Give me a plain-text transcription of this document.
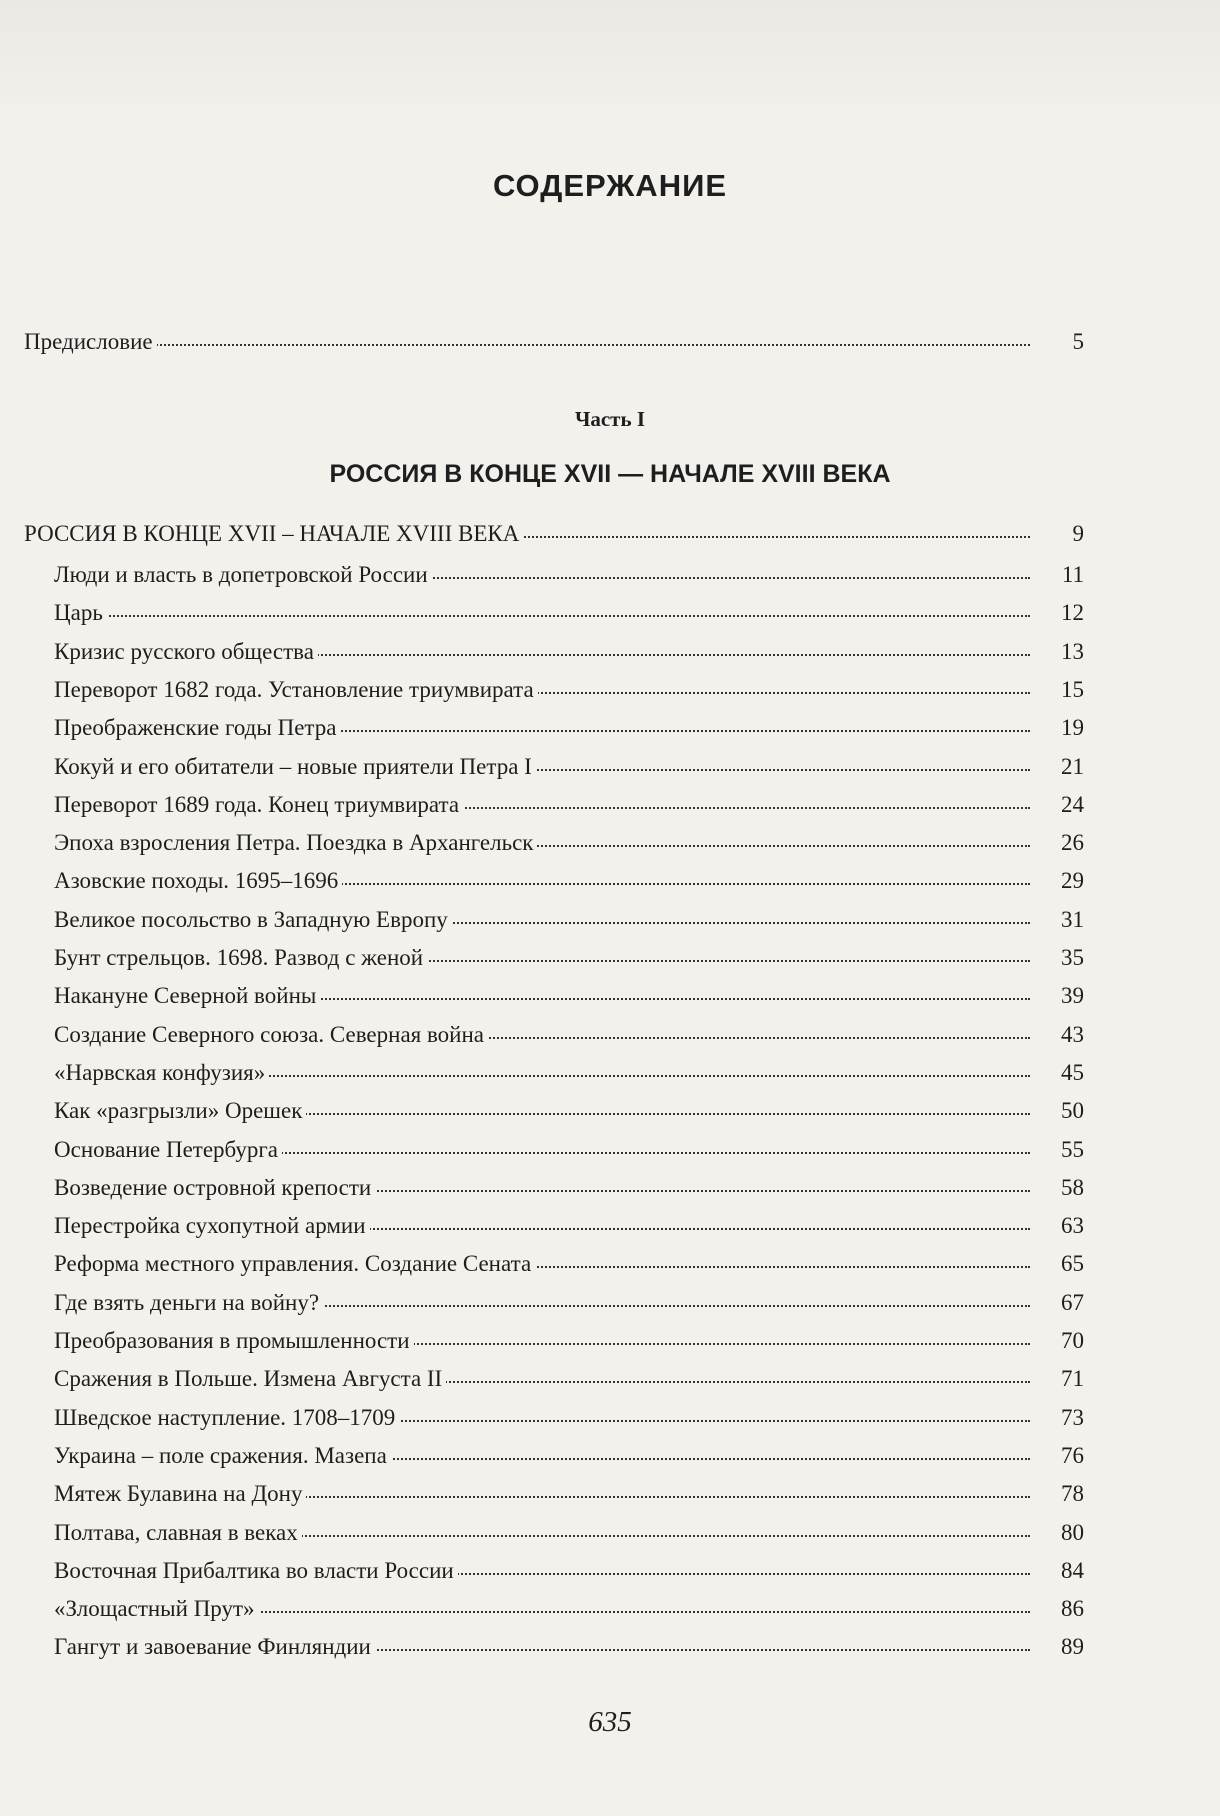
СОДЕРЖАНИЕ
Предисловие	5
Часть I
РОССИЯ В КОНЦЕ XVII — НАЧАЛЕ XVIII ВЕКА
РОССИЯ В КОНЦЕ XVII – НАЧАЛЕ XVIII ВЕКА	9
Люди и власть в допетровской России	11
Царь	12
Кризис русского общества	13
Переворот 1682 года. Установление триумвирата	15
Преображенские годы Петра	19
Кокуй и его обитатели – новые приятели Петра I	21
Переворот 1689 года. Конец триумвирата	24
Эпоха взросления Петра. Поездка в Архангельск	26
Азовские походы. 1695–1696	29
Великое посольство в Западную Европу	31
Бунт стрельцов. 1698. Развод с женой	35
Накануне Северной войны	39
Создание Северного союза. Северная война	43
«Нарвская конфузия»	45
Как «разгрызли» Орешек	50
Основание Петербурга	55
Возведение островной крепости	58
Перестройка сухопутной армии	63
Реформа местного управления. Создание Сената	65
Где взять деньги на войну?	67
Преобразования в промышленности	70
Сражения в Польше. Измена Августа II	71
Шведское наступление. 1708–1709	73
Украина – поле сражения. Мазепа	76
Мятеж Булавина на Дону	78
Полтава, славная в веках	80
Восточная Прибалтика во власти России	84
«Злощастный Прут»	86
Гангут и завоевание Финляндии	89
635
